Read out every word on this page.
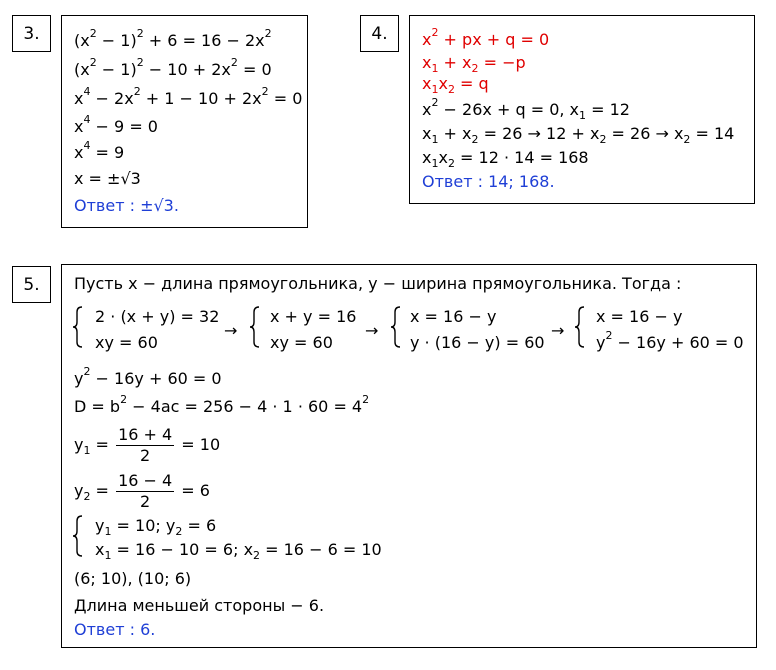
3. $(x^2 - 1)^2 + 6 = 16 - 2x^2$
$(x^2 - 1)^2 - 10 + 2x^2 = 0$
$x^4 - 2x^2 + 1 - 10 + 2x^2 = 0$
$x^4 - 9 = 0$
$x^4 = 9$
x = ±√3
Ответ : ±√3.
4. $x^2$ + px + q = 0
$x_1 + x_2 = -p$
$x_1x_2 = q$
$x^2 - 26x + q = 0$, $x_1 = 12$
$x_1 + x_2 = 26 \to 12 + x_2 = 26 \to x_2 = 14$
$x_1x_2 = 12 \cdot 14 = 168$
Ответ : 14; 168.
5. Пусть x − длина прямоугольника, y − ширина прямоугольника. Тогда :
2 · (x + y) = 32
xy = 60
→
x + y = 16
xy = 60
→
x = 16 − y
y · (16 − y) = 60
→
x = 16 − y
$y^2 - 16y + 60 = 0$
$y^2 - 16y + 60 = 0$
$D = b^2 - 4ac = 256 - 4 \cdot 1 \cdot 60 = 4^2$
$y_1 = \frac{16 + 4}{2} = 10$
$y_2 = \frac{16 - 4}{2} = 6$
$y_1 = 10$; $y_2 = 6$
$x_1 = 16 - 10 = 6$; $x_2 = 16 - 6 = 10$
(6; 10), (10; 6)
Длина меньшей стороны − 6.
Ответ : 6.
